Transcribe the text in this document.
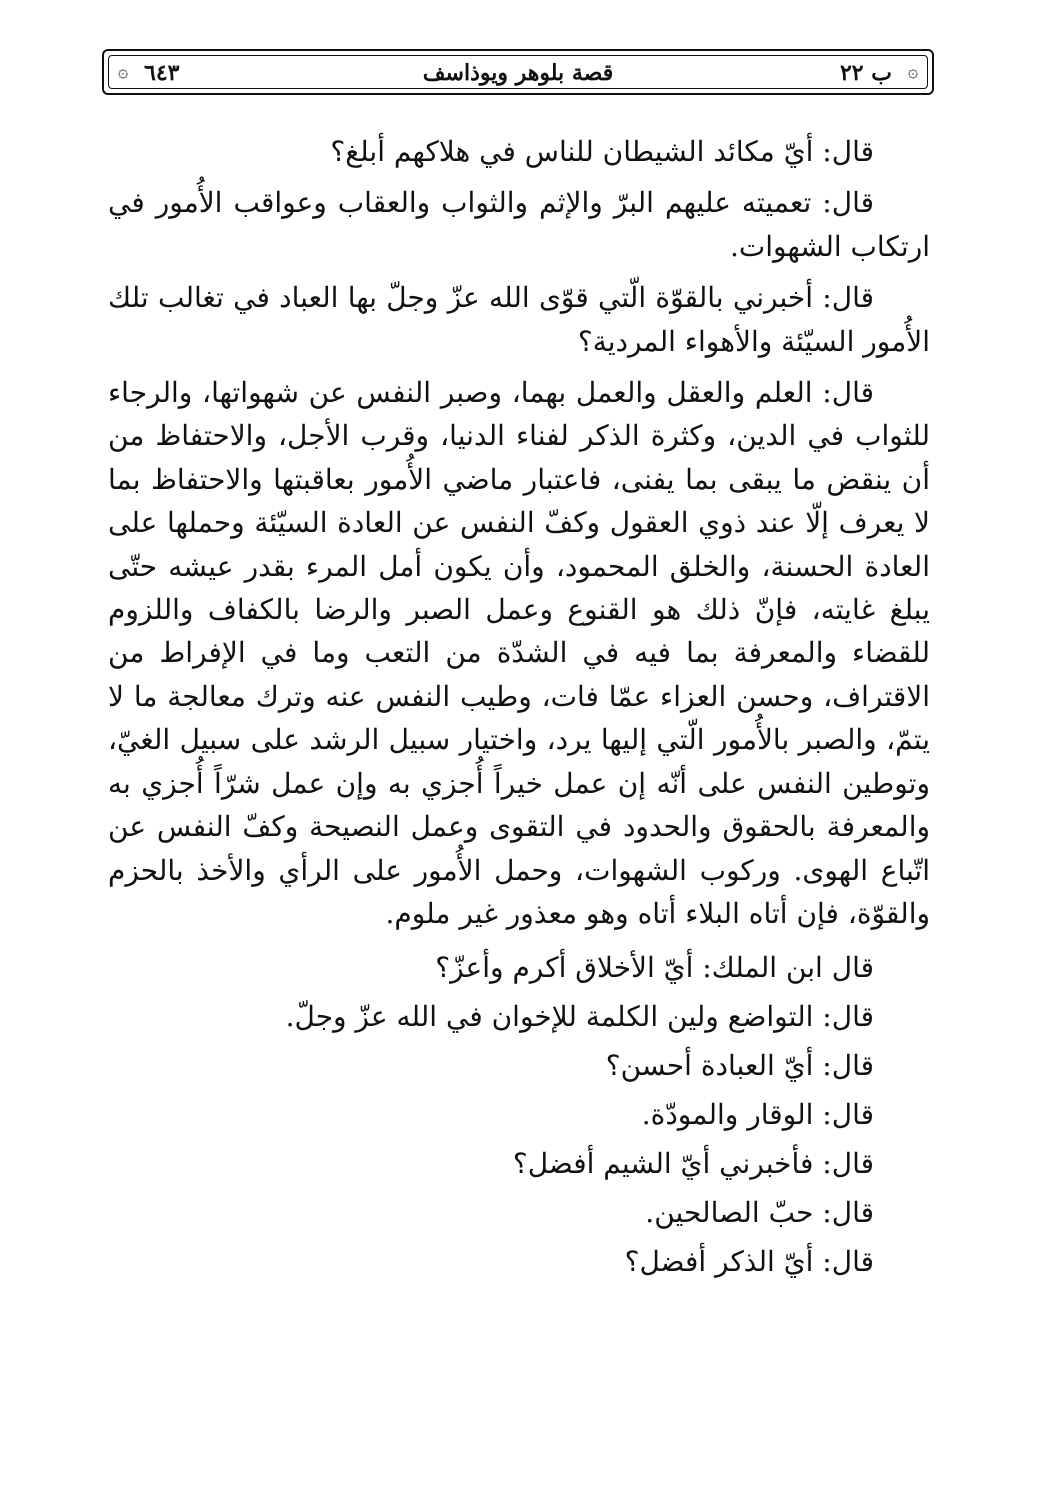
۞	۞
ب ٢٢
قصة بلوهر ويوذاسف
٦٤٣

قال: أيّ مكائد الشيطان للناس في هلاكهم أبلغ؟

قال: تعميته عليهم البرّ والإثم والثواب والعقاب وعواقب الأُمور في ارتكاب الشهوات.

قال: أخبرني بالقوّة الّتي قوّى الله عزّ وجلّ بها العباد في تغالب تلك الأُمور السيّئة والأهواء المردية؟

قال: العلم والعقل والعمل بهما، وصبر النفس عن شهواتها، والرجاء للثواب في الدين، وكثرة الذكر لفناء الدنيا، وقرب الأجل، والاحتفاظ من أن ينقض ما يبقى بما يفنى، فاعتبار ماضي الأُمور بعاقبتها والاحتفاظ بما لا يعرف إلّا عند ذوي العقول وكفّ النفس عن العادة السيّئة وحملها على العادة الحسنة، والخلق المحمود، وأن يكون أمل المرء بقدر عيشه حتّى يبلغ غايته، فإنّ ذلك هو القنوع وعمل الصبر والرضا بالكفاف واللزوم للقضاء والمعرفة بما فيه في الشدّة من التعب وما في الإفراط من الاقتراف، وحسن العزاء عمّا فات، وطيب النفس عنه وترك معالجة ما لا يتمّ، والصبر بالأُمور الّتي إليها يرد، واختيار سبيل الرشد على سبيل الغيّ، وتوطين النفس على أنّه إن عمل خيراً أُجزي به وإن عمل شرّاً أُجزي به والمعرفة بالحقوق والحدود في التقوى وعمل النصيحة وكفّ النفس عن اتّباع الهوى. وركوب الشهوات، وحمل الأُمور على الرأي والأخذ بالحزم والقوّة، فإن أتاه البلاء أتاه وهو معذور غير ملوم.

قال ابن الملك: أيّ الأخلاق أكرم وأعزّ؟

قال: التواضع ولين الكلمة للإخوان في الله عزّ وجلّ.

قال: أيّ العبادة أحسن؟

قال: الوقار والمودّة.

قال: فأخبرني أيّ الشيم أفضل؟

قال: حبّ الصالحين.

قال: أيّ الذكر أفضل؟
